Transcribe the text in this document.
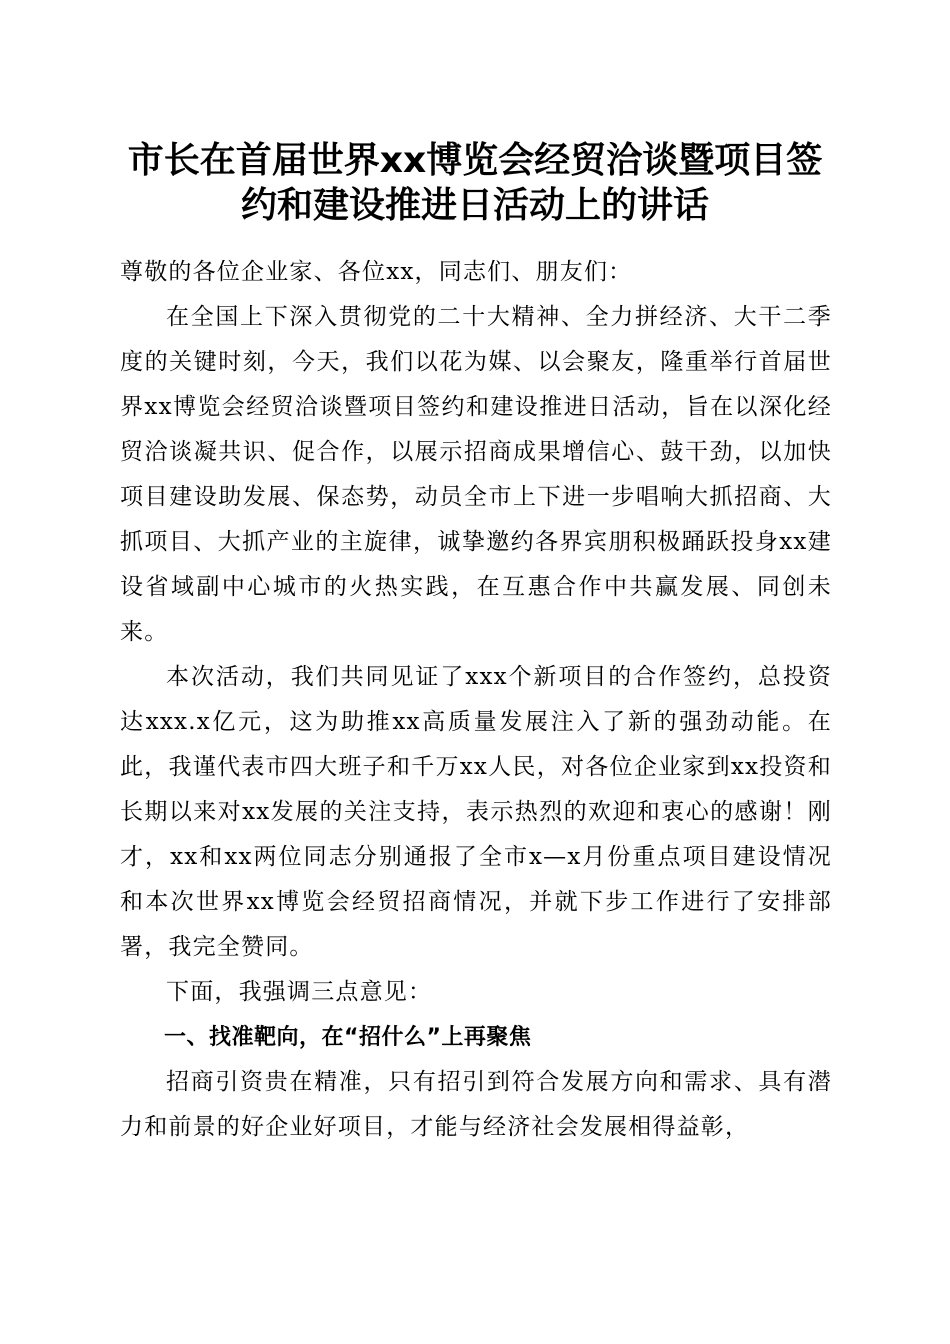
市长在首届世界xx博览会经贸洽谈暨项目签
约和建设推进日活动上的讲话

尊敬的各位企业家、各位xx，同志们、朋友们：

在全国上下深入贯彻党的二十大精神、全力拼经济、大干二季度的关键时刻，今天，我们以花为媒、以会聚友，隆重举行首届世界xx博览会经贸洽谈暨项目签约和建设推进日活动，旨在以深化经贸洽谈凝共识、促合作，以展示招商成果增信心、鼓干劲，以加快项目建设助发展、保态势，动员全市上下进一步唱响大抓招商、大抓项目、大抓产业的主旋律，诚挚邀约各界宾朋积极踊跃投身xx建设省域副中心城市的火热实践，在互惠合作中共赢发展、同创未来。

本次活动，我们共同见证了xxx个新项目的合作签约，总投资达xxx.x亿元，这为助推xx高质量发展注入了新的强劲动能。在此，我谨代表市四大班子和千万xx人民，对各位企业家到xx投资和长期以来对xx发展的关注支持，表示热烈的欢迎和衷心的感谢！刚才，xx和xx两位同志分别通报了全市x—x月份重点项目建设情况和本次世界xx博览会经贸招商情况，并就下步工作进行了安排部署，我完全赞同。

下面，我强调三点意见：

一、找准靶向，在“招什么”上再聚焦

招商引资贵在精准，只有招引到符合发展方向和需求、具有潜力和前景的好企业好项目，才能与经济社会发展相得益彰，
